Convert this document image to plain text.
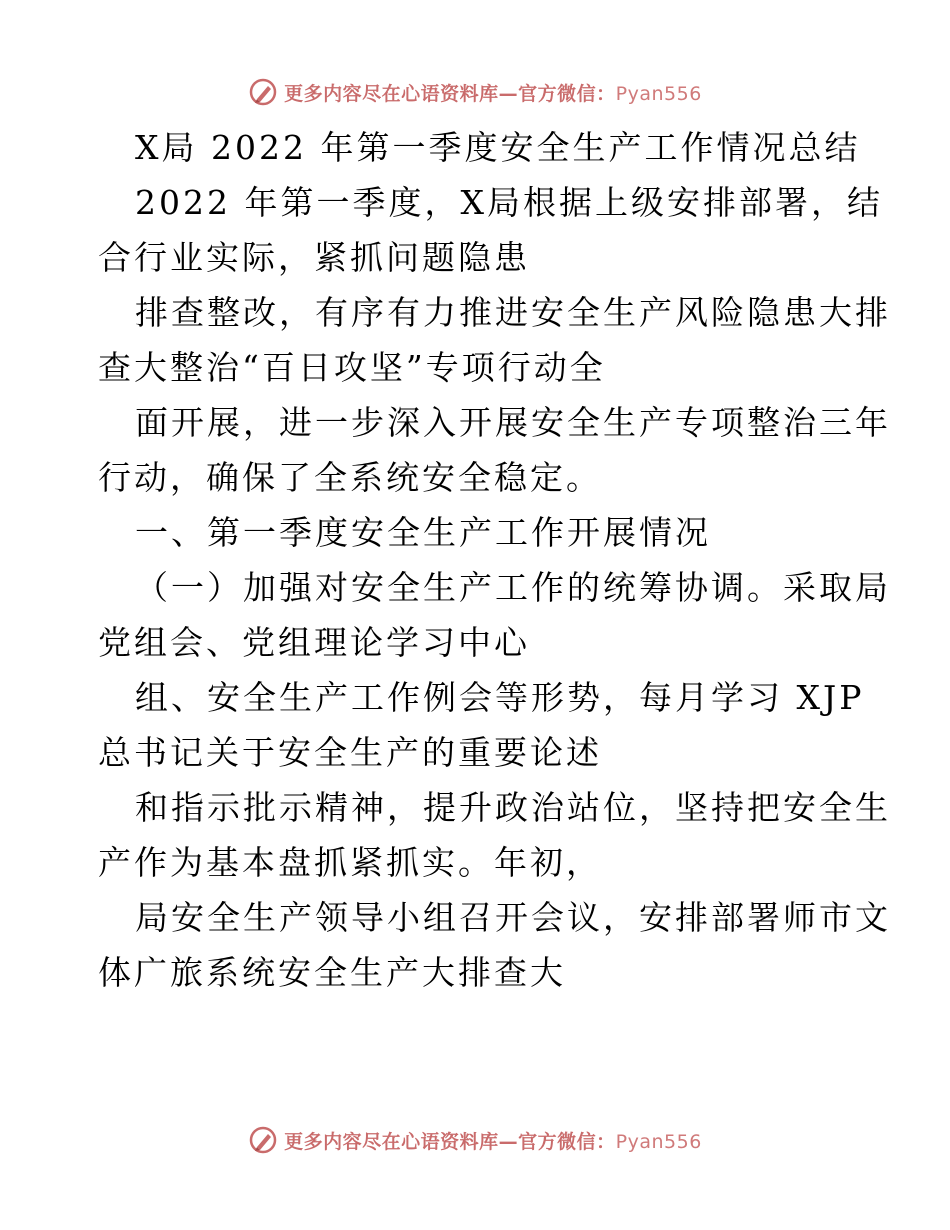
更多内容尽在心语资料库—官方微信：Pyan556
X局 2022 年第一季度安全生产工作情况总结
2022 年第一季度，X局根据上级安排部署，结
合行业实际，紧抓问题隐患
排查整改，有序有力推进安全生产风险隐患大排
查大整治“百日攻坚”专项行动全
面开展，进一步深入开展安全生产专项整治三年
行动，确保了全系统安全稳定。
一、第一季度安全生产工作开展情况
（一）加强对安全生产工作的统筹协调。采取局
党组会、党组理论学习中心
组、安全生产工作例会等形势，每月学习 XJP
总书记关于安全生产的重要论述
和指示批示精神，提升政治站位，坚持把安全生
产作为基本盘抓紧抓实。年初，
局安全生产领导小组召开会议，安排部署师市文
体广旅系统安全生产大排查大
更多内容尽在心语资料库—官方微信：Pyan556
